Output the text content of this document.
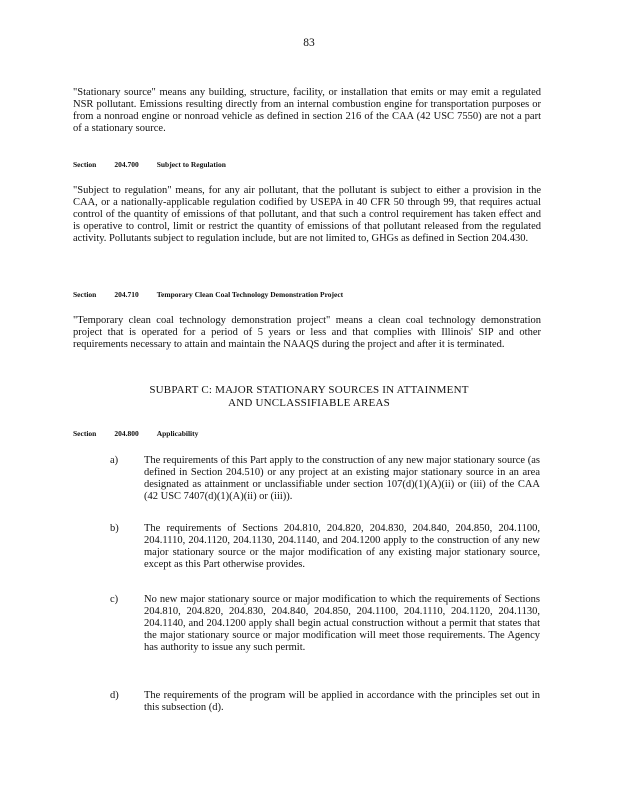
83

"Stationary source" means any building, structure, facility, or installation that emits or may emit a regulated NSR pollutant. Emissions resulting directly from an internal combustion engine for transportation purposes or from a nonroad engine or nonroad vehicle as defined in section 216 of the CAA (42 USC 7550) are not a part of a stationary source.

Section 204.700 Subject to Regulation

"Subject to regulation" means, for any air pollutant, that the pollutant is subject to either a provision in the CAA, or a nationally-applicable regulation codified by USEPA in 40 CFR 50 through 99, that requires actual control of the quantity of emissions of that pollutant, and that such a control requirement has taken effect and is operative to control, limit or restrict the quantity of emissions of that pollutant released from the regulated activity. Pollutants subject to regulation include, but are not limited to, GHGs as defined in Section 204.430.

Section 204.710 Temporary Clean Coal Technology Demonstration Project

"Temporary clean coal technology demonstration project" means a clean coal technology demonstration project that is operated for a period of 5 years or less and that complies with Illinois' SIP and other requirements necessary to attain and maintain the NAAQS during the project and after it is terminated.

SUBPART C: MAJOR STATIONARY SOURCES IN ATTAINMENT
AND UNCLASSIFIABLE AREAS
Section 204.800 Applicability
a) The requirements of this Part apply to the construction of any new major stationary source (as defined in Section 204.510) or any project at an existing major stationary source in an area designated as attainment or unclassifiable under section 107(d)(1)(A)(ii) or (iii) of the CAA (42 USC 7407(d)(1)(A)(ii) or (iii)).
b) The requirements of Sections 204.810, 204.820, 204.830, 204.840, 204.850, 204.1100, 204.1110, 204.1120, 204.1130, 204.1140, and 204.1200 apply to the construction of any new major stationary source or the major modification of any existing major stationary source, except as this Part otherwise provides.
c) No new major stationary source or major modification to which the requirements of Sections 204.810, 204.820, 204.830, 204.840, 204.850, 204.1100, 204.1110, 204.1120, 204.1130, 204.1140, and 204.1200 apply shall begin actual construction without a permit that states that the major stationary source or major modification will meet those requirements. The Agency has authority to issue any such permit.
d) The requirements of the program will be applied in accordance with the principles set out in this subsection (d).
